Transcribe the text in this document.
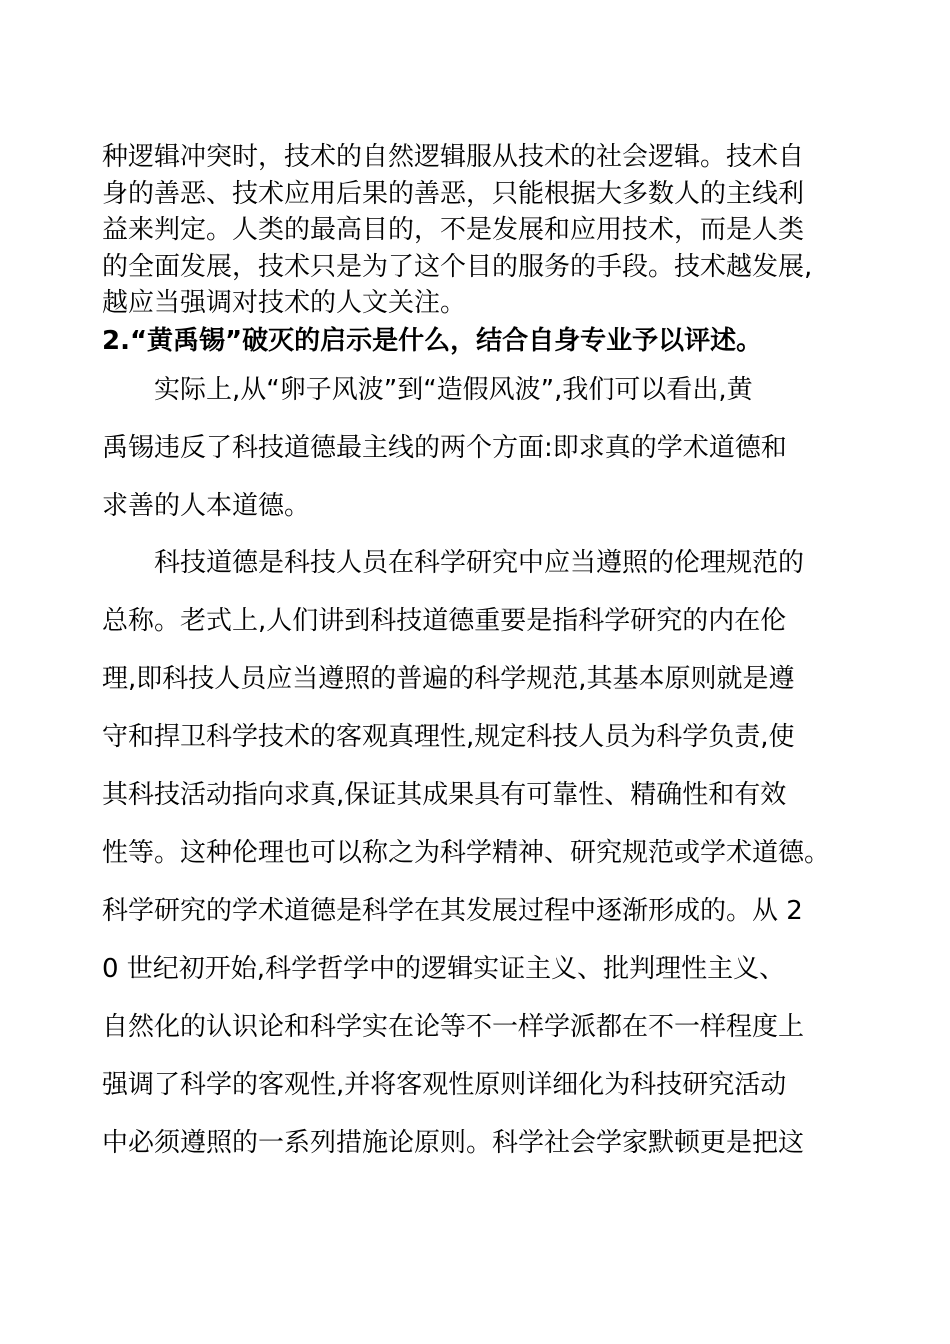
种逻辑冲突时，技术的自然逻辑服从技术的社会逻辑。技术自
身的善恶、技术应用后果的善恶，只能根据大多数人的主线利
益来判定。人类的最高目的，不是发展和应用技术，而是人类
的全面发展，技术只是为了这个目的服务的手段。技术越发展,
越应当强调对技术的人文关注。
2.“黄禹锡”破灭的启示是什么，结合自身专业予以评述。
实际上,从“卵子风波”到“造假风波”,我们可以看出,黄
禹锡违反了科技道德最主线的两个方面:即求真的学术道德和
求善的人本道德。
科技道德是科技人员在科学研究中应当遵照的伦理规范的
总称。老式上,人们讲到科技道德重要是指科学研究的内在伦
理,即科技人员应当遵照的普遍的科学规范,其基本原则就是遵
守和捍卫科学技术的客观真理性,规定科技人员为科学负责,使
其科技活动指向求真,保证其成果具有可靠性、精确性和有效
性等。这种伦理也可以称之为科学精神、研究规范或学术道德。
科学研究的学术道德是科学在其发展过程中逐渐形成的。从 2
0 世纪初开始,科学哲学中的逻辑实证主义、批判理性主义、
自然化的认识论和科学实在论等不一样学派都在不一样程度上
强调了科学的客观性,并将客观性原则详细化为科技研究活动
中必须遵照的一系列措施论原则。科学社会学家默顿更是把这
